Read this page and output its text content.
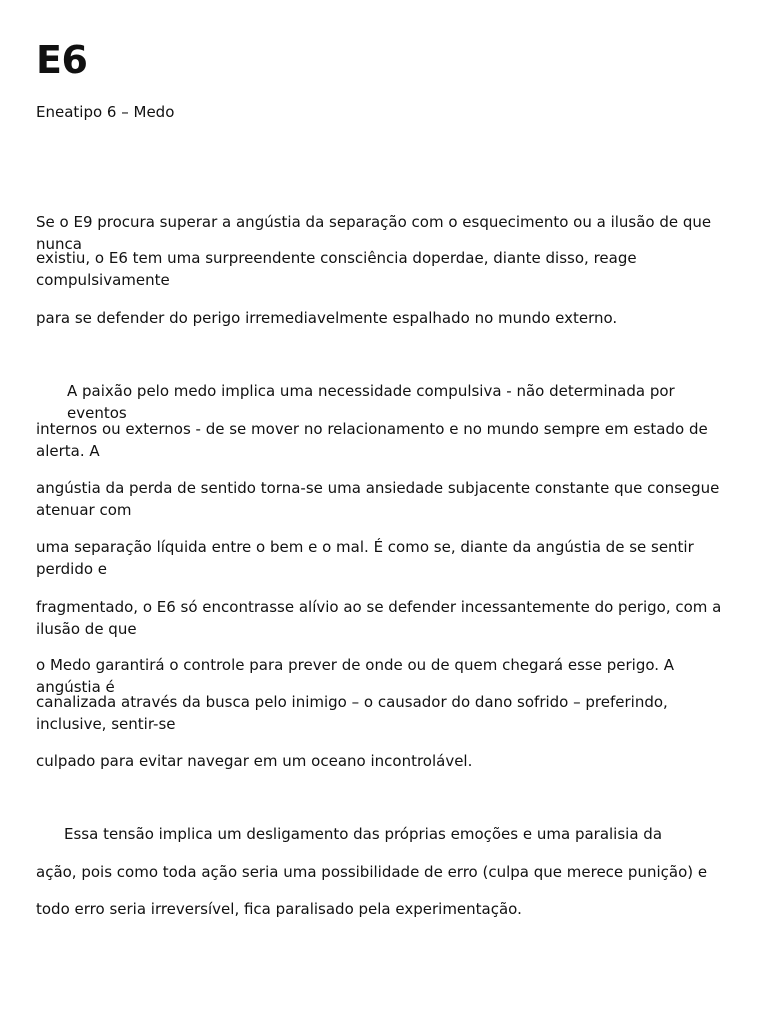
E6

Eneatipo 6 – Medo

Se o E9 procura superar a angústia da separação com o esquecimento ou a ilusão de que nunca

existiu, o E6 tem uma surpreendente consciência doperdae, diante disso, reage compulsivamente

para se defender do perigo irremediavelmente espalhado no mundo externo.

A paixão pelo medo implica uma necessidade compulsiva - não determinada por eventos

internos ou externos - de se mover no relacionamento e no mundo sempre em estado de alerta. A

angústia da perda de sentido torna-se uma ansiedade subjacente constante que consegue atenuar com

uma separação líquida entre o bem e o mal. É como se, diante da angústia de se sentir perdido e

fragmentado, o E6 só encontrasse alívio ao se defender incessantemente do perigo, com a ilusão de que

o Medo garantirá o controle para prever de onde ou de quem chegará esse perigo. A angústia é

canalizada através da busca pelo inimigo – o causador do dano sofrido – preferindo, inclusive, sentir-se

culpado para evitar navegar em um oceano incontrolável.

Essa tensão implica um desligamento das próprias emoções e uma paralisia da

ação, pois como toda ação seria uma possibilidade de erro (culpa que merece punição) e

todo erro seria irreversível, fica paralisado pela experimentação.
